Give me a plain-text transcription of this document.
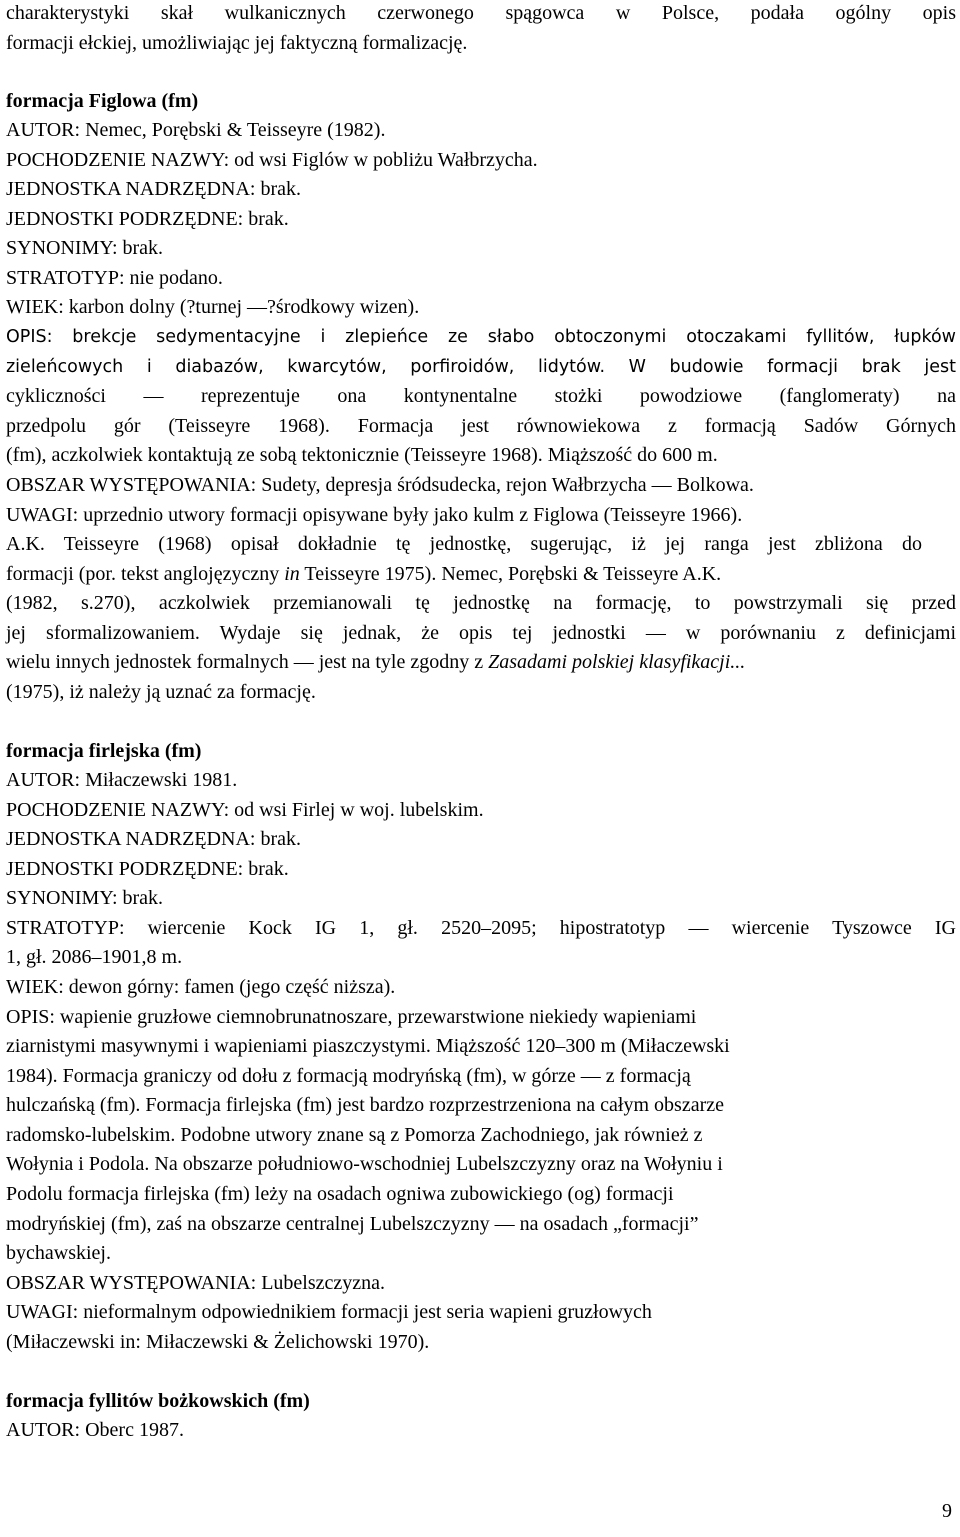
charakterystyki skał wulkanicznych czerwonego spągowca w Polsce, podała ogólny opis
formacji ełckiej, umożliwiając jej faktyczną formalizację.
formacja Figlowa (fm)
AUTOR: Nemec, Porębski & Teisseyre (1982).
POCHODZENIE NAZWY: od wsi Figlów w pobliżu Wałbrzycha.
JEDNOSTKA NADRZĘDNA: brak.
JEDNOSTKI PODRZĘDNE: brak.
SYNONIMY: brak.
STRATOTYP: nie podano.
WIEK: karbon dolny (?turnej —?środkowy wizen).
OPIS: brekcje sedymentacyjne i zlepieńce ze słabo obtoczonymi otoczakami fyllitów, łupków
zieleńcowych i diabazów, kwarcytów, porfiroidów, lidytów. W budowie formacji brak jest
cykliczności — reprezentuje ona kontynentalne stożki powodziowe (fanglomeraty) na
przedpolu gór (Teisseyre 1968). Formacja jest równowiekowa z formacją Sadów Górnych
(fm), aczkolwiek kontaktują ze sobą tektonicznie (Teisseyre 1968). Miąższość do 600 m.
OBSZAR WYSTĘPOWANIA: Sudety, depresja śródsudecka, rejon Wałbrzycha — Bolkowa.
UWAGI: uprzednio utwory formacji opisywane były jako kulm z Figlowa (Teisseyre 1966).
A.K. Teisseyre (1968) opisał dokładnie tę jednostkę, sugerując, iż jej ranga jest zbliżona do
formacji (por. tekst anglojęzyczny in Teisseyre 1975). Nemec, Porębski & Teisseyre A.K.
(1982, s.270), aczkolwiek przemianowali tę jednostkę na formację, to powstrzymali się przed
jej sformalizowaniem. Wydaje się jednak, że opis tej jednostki — w porównaniu z definicjami
wielu innych jednostek formalnych — jest na tyle zgodny z Zasadami polskiej klasyfikacji...
(1975), iż należy ją uznać za formację.
formacja firlejska (fm)
AUTOR: Miłaczewski 1981.
POCHODZENIE NAZWY: od wsi Firlej w woj. lubelskim.
JEDNOSTKA NADRZĘDNA: brak.
JEDNOSTKI PODRZĘDNE: brak.
SYNONIMY: brak.
STRATOTYP: wiercenie Kock IG 1, gł. 2520–2095; hipostratotyp — wiercenie Tyszowce IG
1, gł. 2086–1901,8 m.
WIEK: dewon górny: famen (jego część niższa).
OPIS: wapienie gruzłowe ciemnobrunatnoszare, przewarstwione niekiedy wapieniami
ziarnistymi masywnymi i wapieniami piaszczystymi. Miąższość 120–300 m (Miłaczewski
1984). Formacja graniczy od dołu z formacją modryńską (fm), w górze — z formacją
hulczańską (fm). Formacja firlejska (fm) jest bardzo rozprzestrzeniona na całym obszarze
radomsko-lubelskim. Podobne utwory znane są z Pomorza Zachodniego, jak również z
Wołynia i Podola. Na obszarze południowo-wschodniej Lubelszczyzny oraz na Wołyniu i
Podolu formacja firlejska (fm) leży na osadach ogniwa zubowickiego (og) formacji
modryńskiej (fm), zaś na obszarze centralnej Lubelszczyzny — na osadach „formacji”
bychawskiej.
OBSZAR WYSTĘPOWANIA: Lubelszczyzna.
UWAGI: nieformalnym odpowiednikiem formacji jest seria wapieni gruzłowych
(Miłaczewski in: Miłaczewski & Żelichowski 1970).
formacja fyllitów bożkowskich (fm)
AUTOR: Oberc 1987.
9
